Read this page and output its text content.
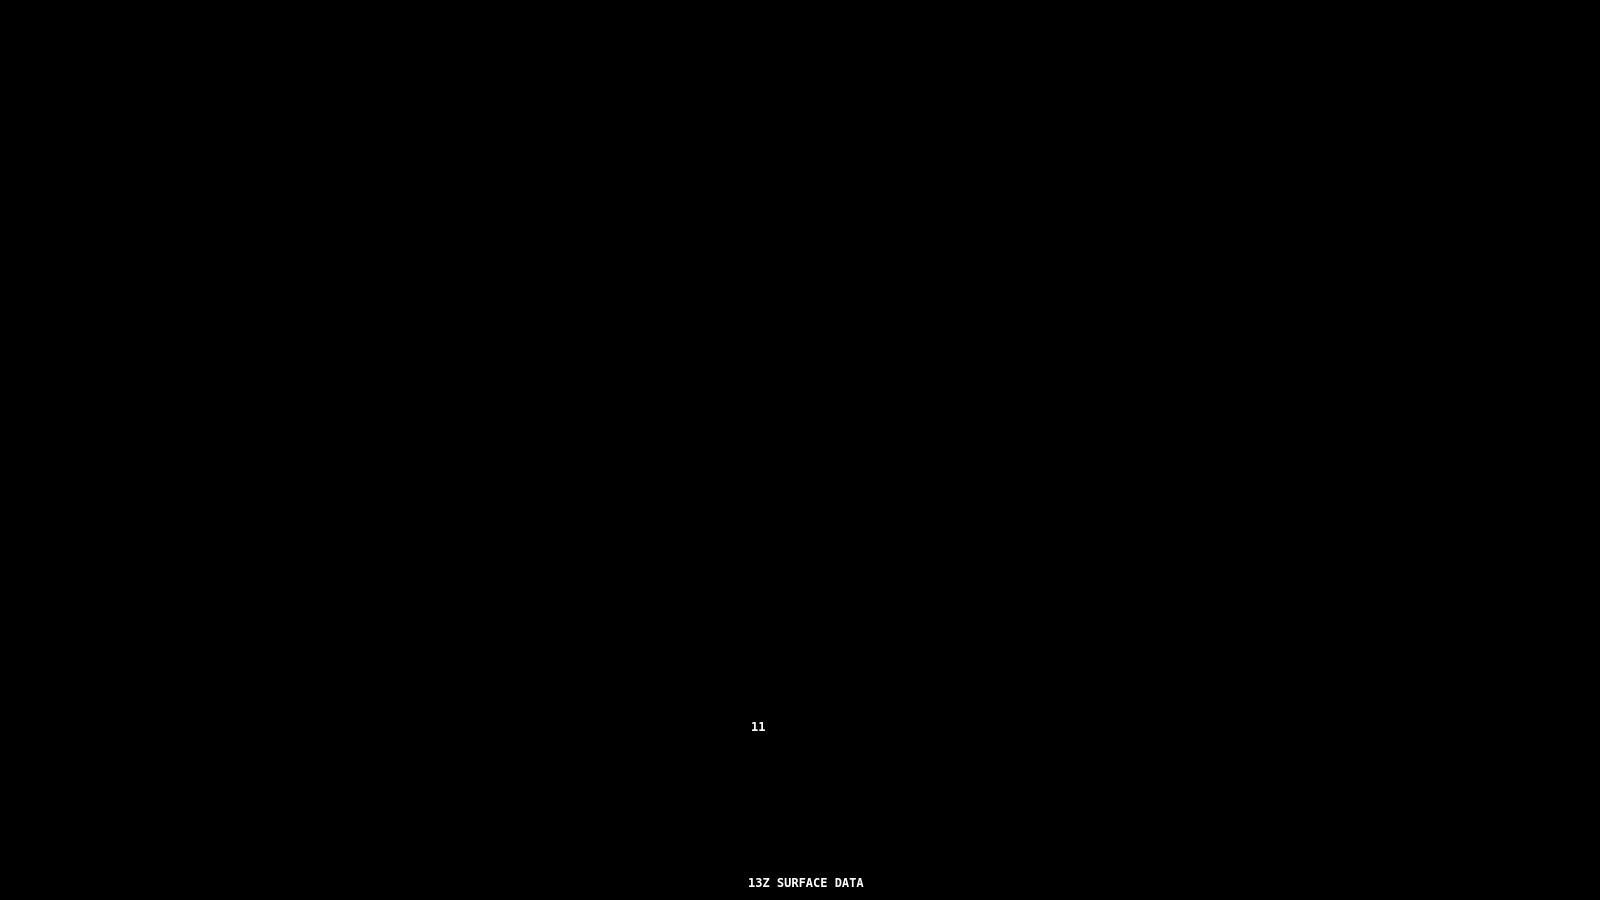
11
13Z SURFACE DATA
